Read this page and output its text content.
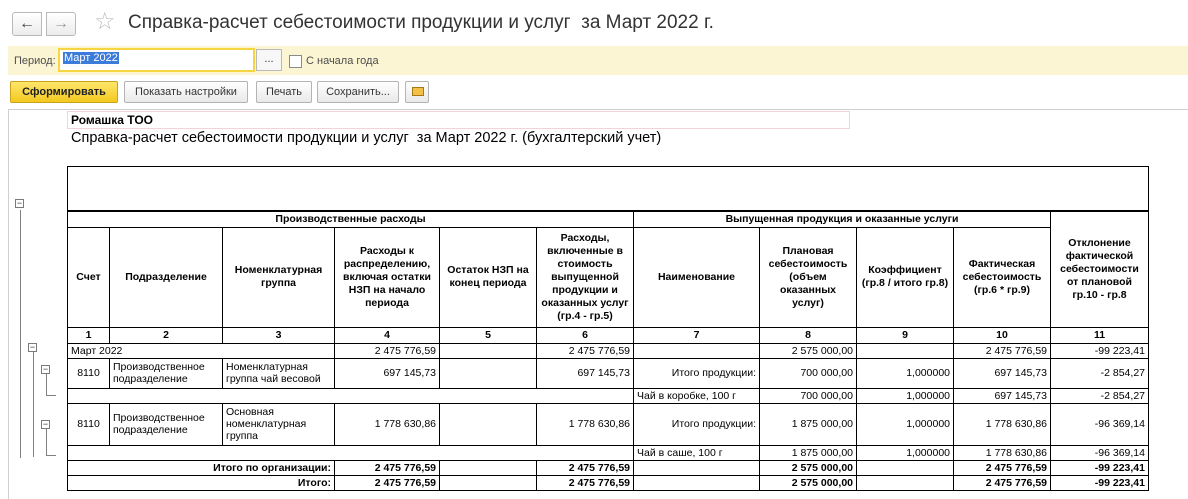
← → ☆ Справка-расчет себестоимости продукции и услуг  за Март 2022 г.
Период: Март 2022	...	С начала года
Сформировать	Показать настройки	Печать	Сохранить...
−
−
−
−
Ромашка ТОО
Справка-расчет себестоимости продукции и услуг  за Март 2022 г. (бухгалтерский учет)

Производственные расходы						Выпущенная продукция и оказанные услуги				Отклонение фактической себестоимости от плановой гр.10 - гр.8
Счет	Подразделение	Номенклатурная группа	Расходы к распределению, включая остатки НЗП на начало периода	Остаток НЗП на конец периода	Расходы, включенные в стоимость выпущенной продукции и оказанных услуг (гр.4 - гр.5)	Наименование	Плановая себестоимость (объем оказанных услуг)	Коэффициент (гр.8 / итого гр.8)	Фактическая себестоимость (гр.6 * гр.9)	
1	2	3	4	5	6	7	8	9	10	11
Март 2022			2 475 776,59		2 475 776,59		2 575 000,00		2 475 776,59	-99 223,41
8110	Производственное подразделение	Номенклатурная группа чай весовой	697 145,73		697 145,73	Итого продукции:	700 000,00	1,000000	697 145,73	-2 854,27
						Чай в коробке, 100 г	700 000,00	1,000000	697 145,73	-2 854,27
8110	Производственное подразделение	Основная номенклатурная группа	1 778 630,86		1 778 630,86	Итого продукции:	1 875 000,00	1,000000	1 778 630,86	-96 369,14
						Чай в саше, 100 г	1 875 000,00	1,000000	1 778 630,86	-96 369,14
Итого по организации:			2 475 776,59		2 475 776,59		2 575 000,00		2 475 776,59	-99 223,41
Итого:			2 475 776,59		2 475 776,59		2 575 000,00		2 475 776,59	-99 223,41
